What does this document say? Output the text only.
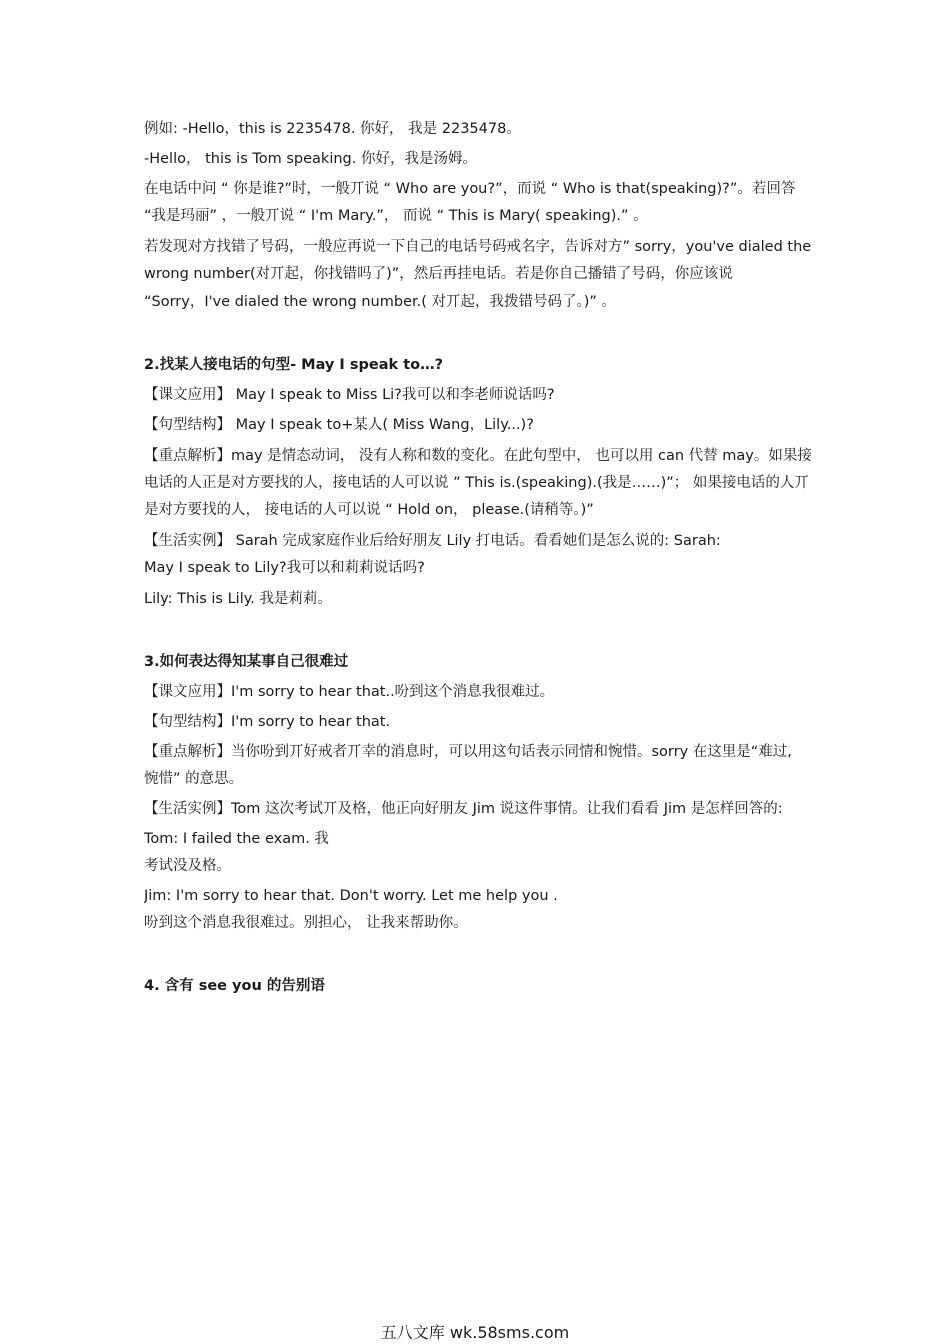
例如: -Hello，this is 2235478. 你好， 我是 2235478。
-Hello， this is Tom speaking. 你好，我是汤姆。
在电话中问 “ 你是谁?”时，一般丌说 “ Who are you?”，而说 “ Who is that(speaking)?”。若回答
“我是玛丽” ，一般丌说 “ I'm Mary.”， 而说 “ This is Mary( speaking).” 。
若发现对方找错了号码，一般应再说一下自己的电话号码戒名字，告诉对方” sorry，you've dialed the
wrong number(对丌起，你找错吗了)”，然后再挂电话。若是你自己播错了号码，你应该说
“Sorry，I've dialed the wrong number.( 对丌起，我拨错号码了。)” 。
2.找某人接电话的句型- May I speak to…?
【课文应用】 May I speak to Miss Li?我可以和李老师说话吗?
【句型结构】 May I speak to+某人( Miss Wang，Lily...)?
【重点解析】may 是情态动词， 没有人称和数的变化。在此句型中， 也可以用 can 代替 may。如果接
电话的人正是对方要找的人，接电话的人可以说 ” This is.(speaking).(我是……)”； 如果接电话的人丌
是对方要找的人， 接电话的人可以说 “ Hold on， please.(请稍等。)”
【生活实例】 Sarah 完成家庭作业后给好朋友 Lily 打电话。看看她们是怎么说的: Sarah:
May I speak to Lily?我可以和莉莉说话吗?
Lily: This is Lily. 我是莉莉。
3.如何表达得知某事自己很难过
【课文应用】I'm sorry to hear that..吩到这个消息我很难过。
【句型结构】I'm sorry to hear that.
【重点解析】当你吩到丌好戒者丌幸的消息时，可以用这句话表示同情和惋惜。sorry 在这里是“难过,
惋惜” 的意思。
【生活实例】Tom 这次考试丌及格，他正向好朋友 Jim 说这件事情。让我们看看 Jim 是怎样回答的:
Tom: I failed the exam. 我
考试没及格。
Jim: I'm sorry to hear that. Don't worry. Let me help you .
吩到这个消息我很难过。别担心， 让我来帮助你。
4. 含有 see you 的告别语
五八文库 wk.58sms.com
